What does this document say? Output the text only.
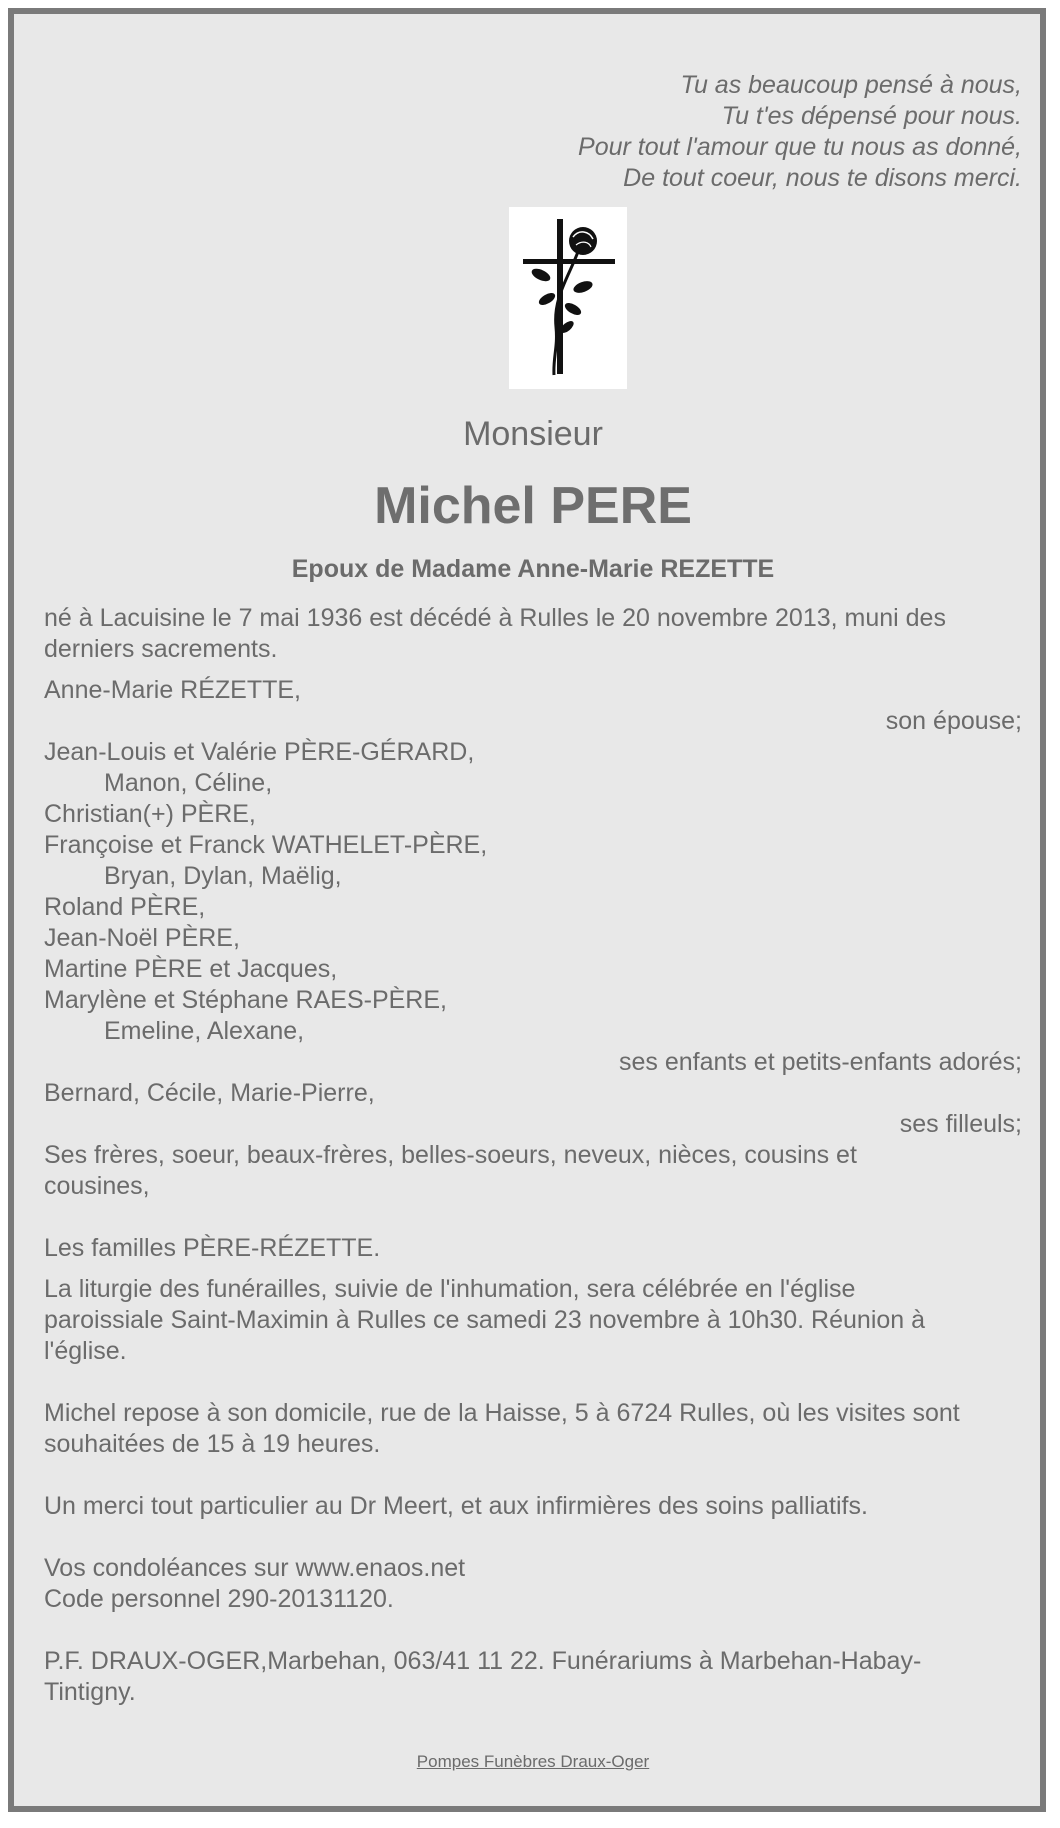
Tu as beaucoup pensé à nous,
Tu t'es dépensé pour nous.
Pour tout l'amour que tu nous as donné,
De tout coeur, nous te disons merci.
Monsieur
Michel PERE
Epoux de Madame Anne-Marie REZETTE

né à Lacuisine le 7 mai 1936 est décédé à Rulles le 20 novembre 2013, muni des derniers sacrements.

Anne-Marie RÉZETTE,
son épouse;
Jean-Louis et Valérie PÈRE-GÉRARD,
Manon, Céline,
Christian(+) PÈRE,
Françoise et Franck WATHELET-PÈRE,
Bryan, Dylan, Maëlig,
Roland PÈRE,
Jean-Noël PÈRE,
Martine PÈRE et Jacques,
Marylène et Stéphane RAES-PÈRE,
Emeline, Alexane,
ses enfants et petits-enfants adorés;
Bernard, Cécile, Marie-Pierre,
ses filleuls;
Ses frères, soeur, beaux-frères, belles-soeurs, neveux, nièces, cousins et
cousines,
Les familles PÈRE-RÉZETTE.
La liturgie des funérailles, suivie de l'inhumation, sera célébrée en l'église
paroissiale Saint-Maximin à Rulles ce samedi 23 novembre à 10h30. Réunion à
l'église.
Michel repose à son domicile, rue de la Haisse, 5 à 6724 Rulles, où les visites sont
souhaitées de 15 à 19 heures.
Un merci tout particulier au Dr Meert, et aux infirmières des soins palliatifs.
Vos condoléances sur www.enaos.net
Code personnel 290-20131120.
P.F. DRAUX-OGER,Marbehan, 063/41 11 22. Funérariums à Marbehan-Habay-
Tintigny.
Pompes Funèbres Draux-Oger
